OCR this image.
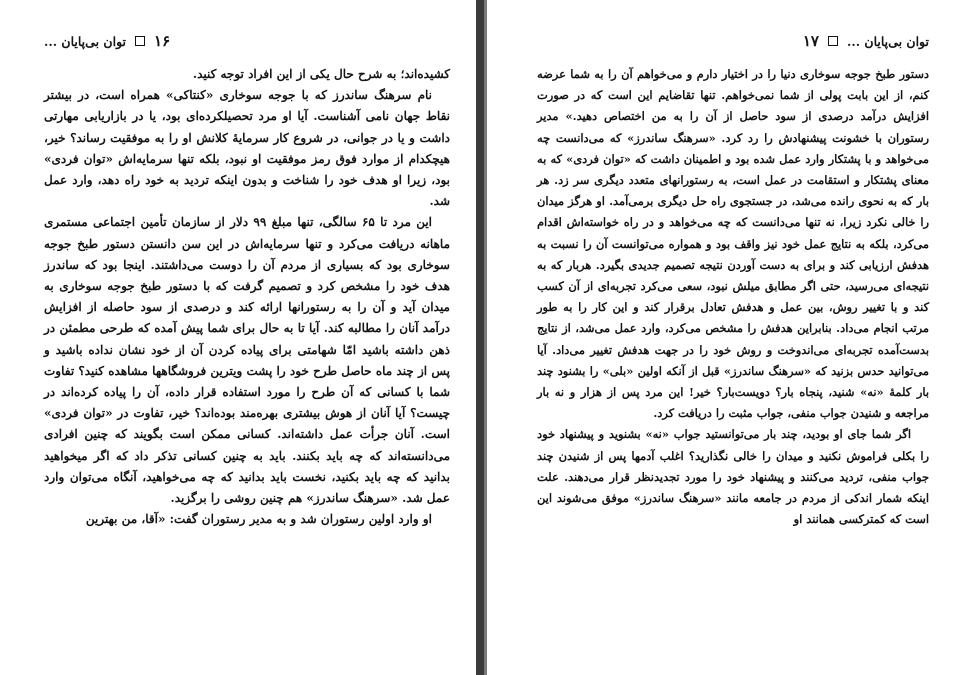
۱۶
توان بی‌پایان ...

کشیده‌اند؛ به شرح حال یکی از این افراد توجه کنید.

نام سرهنگ ساندرز که با جوجه سوخاری «کنتاکی» همراه است، در بیشتر نقاط جهان نامی آشناست. آیا او مرد تحصیلکرده‌ای بود، یا در بازاریابی مهارتی داشت و یا در جوانی، در شروع کار سرمایهٔ کلانش او را به موفقیت رساند؟ خیر، هیچکدام از موارد فوق رمز موفقیت او نبود، بلکه تنها سرمایه‌اش «توان فردی» بود، زیرا او هدف خود را شناخت و بدون اینکه تردید به خود راه دهد، وارد عمل شد.

این مرد تا ۶۵ سالگی، تنها مبلغ ۹۹ دلار از سازمان تأمین اجتماعی مستمری ماهانه دریافت می‌کرد و تنها سرمایه‌اش در این سن دانستن دستور طبخ جوجه سوخاری بود که بسیاری از مردم آن را دوست می‌داشتند. اینجا بود که ساندرز هدف خود را مشخص کرد و تصمیم گرفت که با دستور طبخ جوجه سوخاری به میدان آید و آن را به رستورانها ارائه کند و درصدی از سود حاصله از افزایش درآمد آنان را مطالبه کند. آیا تا به حال برای شما پیش آمده که طرحی مطمئن در ذهن داشته باشید امّا شهامتی برای پیاده کردن آن از خود نشان نداده باشید و پس از چند ماه حاصل طرح خود را پشت ویترین فروشگاهها مشاهده کنید؟ تفاوت شما با کسانی که آن طرح را مورد استفاده قرار داده، آن را پیاده کرده‌اند در چیست؟ آیا آنان از هوش بیشتری بهره‌مند بوده‌اند؟ خیر، تفاوت در «توان فردی» است. آنان جرأت عمل داشته‌اند. کسانی ممکن است بگویند که چنین افرادی می‌دانسته‌اند که چه باید بکنند. باید به چنین کسانی تذکر داد که اگر میخواهید بدانید که چه باید بکنید، نخست باید بدانید که چه می‌خواهید، آنگاه می‌توان وارد عمل شد. «سرهنگ ساندرز» هم چنین روشی را برگزید.

او وارد اولین رستوران شد و به مدیر رستوران گفت: «آقا، من بهترین

توان بی‌پایان ...
۱۷

دستور طبخ جوجه سوخاری دنیا را در اختیار دارم و می‌خواهم آن را به شما عرضه کنم، از این بابت پولی از شما نمی‌خواهم. تنها تقاضایم این است که در صورت افزایش درآمد درصدی از سود حاصل از آن را به من اختصاص دهید.» مدیر رستوران با خشونت پیشنهادش را رد کرد. «سرهنگ ساندرز» که می‌دانست چه می‌خواهد و با پشتکار وارد عمل شده بود و اطمینان داشت که «توان فردی» که به معنای پشتکار و استقامت در عمل است، به رستورانهای متعدد دیگری سر زد. هر بار که به نحوی رانده می‌شد، در جستجوی راه حل دیگری برمی‌آمد. او هرگز میدان را خالی نکرد زیرا، نه تنها می‌دانست که چه می‌خواهد و در راه خواسته‌اش اقدام می‌کرد، بلکه به نتایج عمل خود نیز واقف بود و همواره می‌توانست آن را نسبت به هدفش ارزیابی کند و برای به دست آوردن نتیجه تصمیم جدیدی بگیرد. هربار که به نتیجه‌ای می‌رسید، حتی اگر مطابق میلش نبود، سعی می‌کرد تجربه‌ای از آن کسب کند و با تغییر روش، بین عمل و هدفش تعادل برقرار کند و این کار را به طور مرتب انجام می‌داد. بنابراین هدفش را مشخص می‌کرد، وارد عمل می‌شد، از نتایج بدست‌آمده تجربه‌ای می‌اندوخت و روش خود را در جهت هدفش تغییر می‌داد. آیا می‌توانید حدس بزنید که «سرهنگ ساندرز» قبل از آنکه اولین «بلی» را بشنود چند بار کلمهٔ «نه» شنید، پنجاه بار؟ دویست‌بار؟ خیر! این مرد پس از هزار و نه بار مراجعه و شنیدن جواب منفی، جواب مثبت را دریافت کرد.

اگر شما جای او بودید، چند بار می‌توانستید جواب «نه» بشنوید و پیشنهاد خود را بکلی فراموش نکنید و میدان را خالی نگذارید؟ اغلب آدمها پس از شنیدن چند جواب منفی، تردید می‌کنند و پیشنهاد خود را مورد تجدیدنظر قرار می‌دهند. علت اینکه شمار اندکی از مردم در جامعه مانند «سرهنگ ساندرز» موفق می‌شوند این است که کمترکسی همانند او
